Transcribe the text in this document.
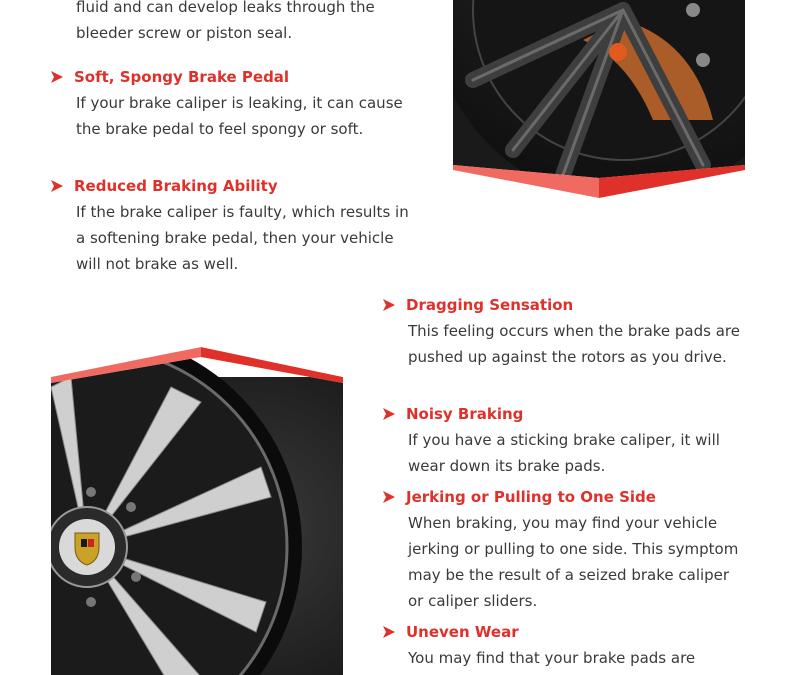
fluid and can develop leaks through the bleeder screw or piston seal.
Soft, Spongy Brake Pedal
If your brake caliper is leaking, it can cause the brake pedal to feel spongy or soft.
Reduced Braking Ability
If the brake caliper is faulty, which results in a softening brake pedal, then your vehicle will not brake as well.
Dragging Sensation
This feeling occurs when the brake pads are pushed up against the rotors as you drive.
Noisy Braking
If you have a sticking brake caliper, it will wear down its brake pads.
Jerking or Pulling to One Side
When braking, you may find your vehicle jerking or pulling to one side. This symptom may be the result of a seized brake caliper or caliper sliders.
Uneven Wear
You may find that your brake pads are
